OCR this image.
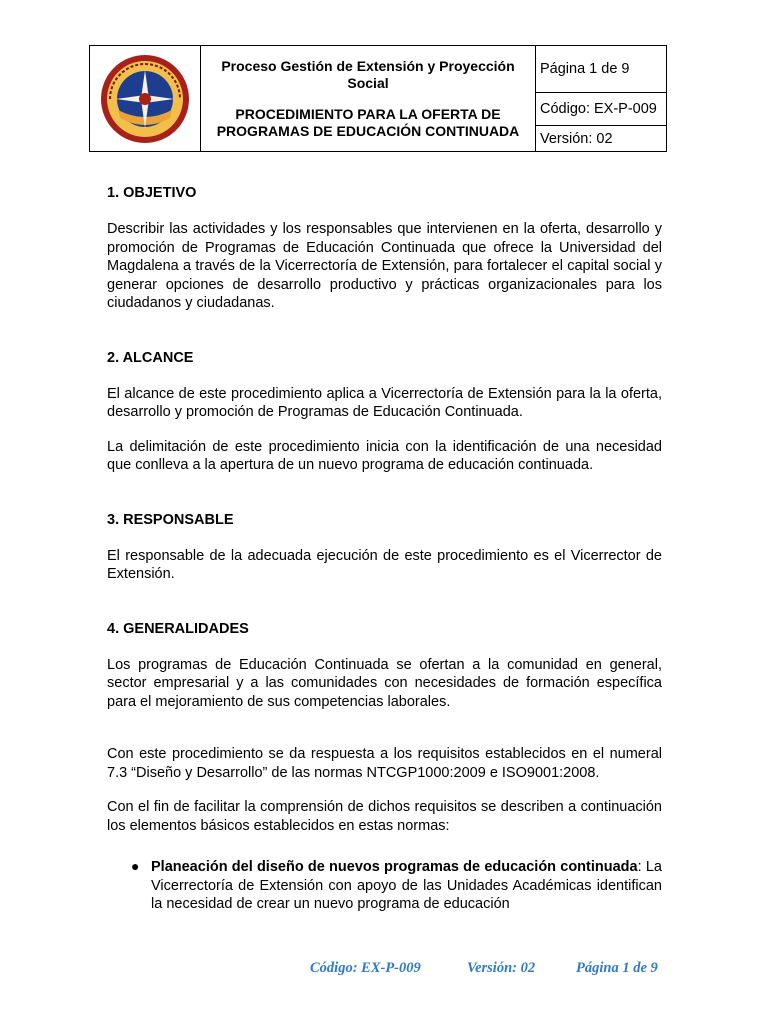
Proceso Gestión de Extensión y Proyección Social
PROCEDIMIENTO PARA LA OFERTA DE
PROGRAMAS DE EDUCACIÓN CONTINUADA
	Página 1 de 9
Código: EX-P-009
Versión: 02
1. OBJETIVO

Describir las actividades y los responsables que intervienen en la oferta, desarrollo y promoción de Programas de Educación Continuada que ofrece la Universidad del Magdalena a través de la Vicerrectoría de Extensión, para fortalecer el capital social y generar opciones de desarrollo productivo y prácticas organizacionales para los ciudadanos y ciudadanas.

2. ALCANCE

El alcance de este procedimiento aplica a Vicerrectoría de Extensión para la la oferta, desarrollo y promoción de Programas de Educación Continuada.

La delimitación de este procedimiento inicia con la identificación de una necesidad que conlleva a la apertura de un nuevo programa de educación continuada.

3. RESPONSABLE

El responsable de la adecuada ejecución de este procedimiento es el Vicerrector de Extensión.

4. GENERALIDADES

Los programas de Educación Continuada se ofertan a la comunidad en general, sector empresarial y a las comunidades con necesidades de formación específica para el mejoramiento de sus competencias laborales.

Con este procedimiento se da respuesta a los requisitos establecidos en el numeral 7.3 “Diseño y Desarrollo” de las normas NTCGP1000:2009 e ISO9001:2008.

Con el fin de facilitar la comprensión de dichos requisitos se describen a continuación los elementos básicos establecidos en estas normas:

● Planeación del diseño de nuevos programas de educación continuada: La Vicerrectoría de Extensión con apoyo de las Unidades Académicas identifican la necesidad de crear un nuevo programa de educación
Código: EX-P-009	Versión: 02	Página 1 de 9
